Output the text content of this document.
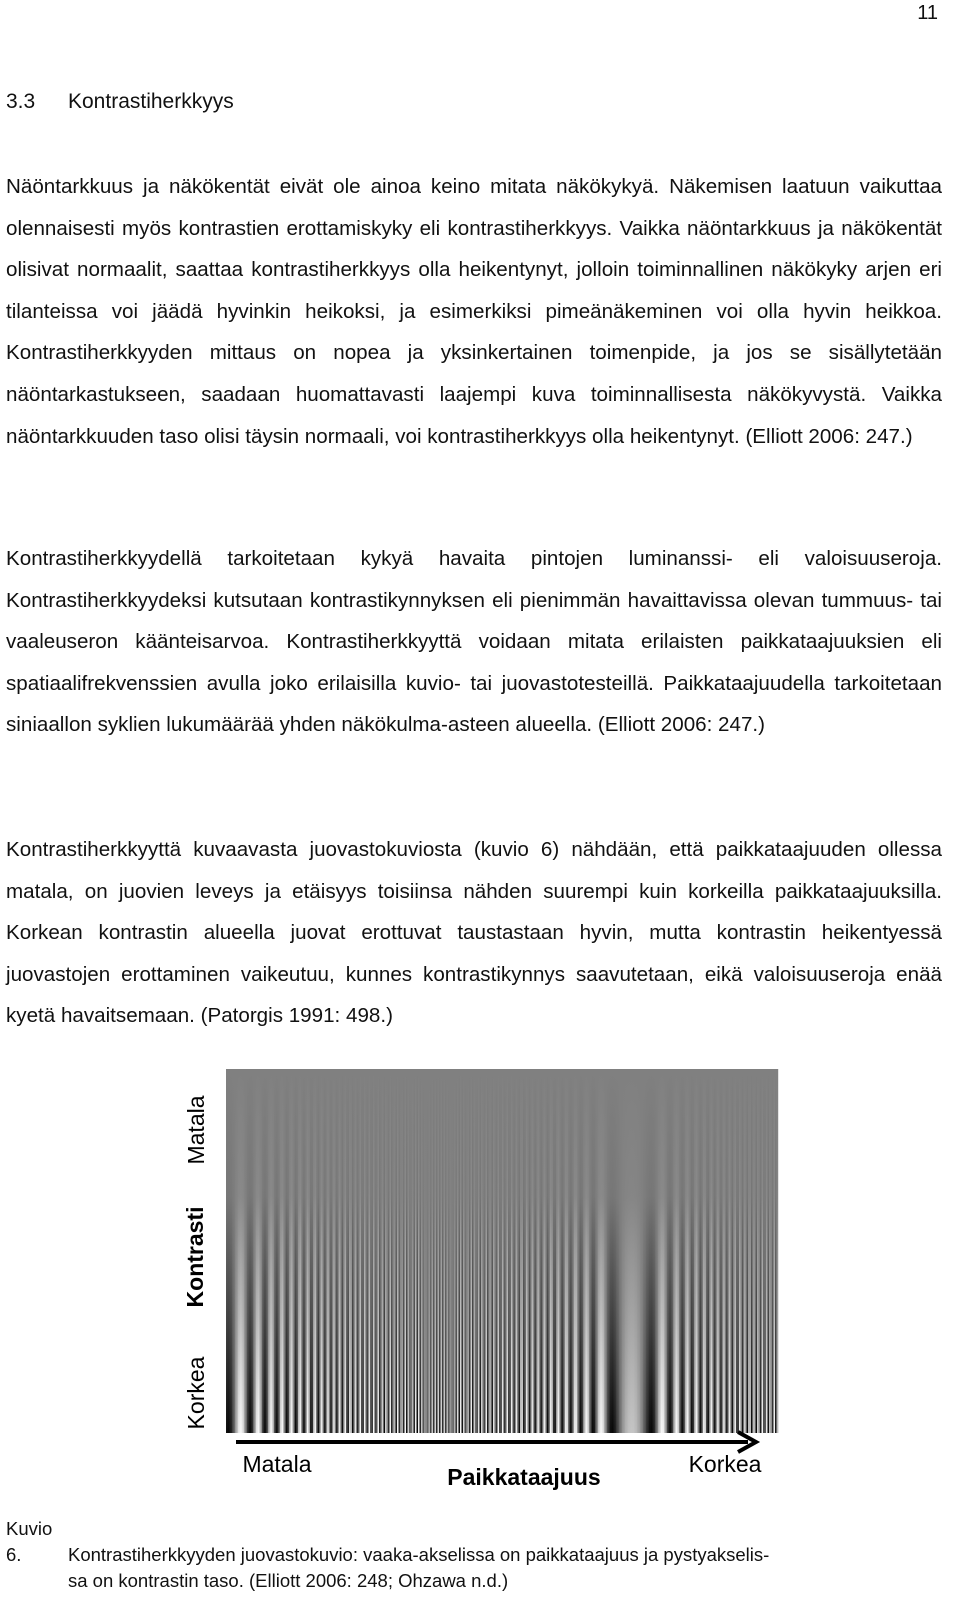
11
3.3 Kontrastiherkkyys

Näöntarkkuus ja näkökentät eivät ole ainoa keino mitata näkökykyä. Näkemisen laatuun vaikuttaa olennaisesti myös kontrastien erottamiskyky eli kontrastiherkkyys. Vaikka näöntarkkuus ja näkökentät olisivat normaalit, saattaa kontrastiherkkyys olla heikentynyt, jolloin toiminnallinen näkökyky arjen eri tilanteissa voi jäädä hyvinkin heikoksi, ja esimerkiksi pimeänäkeminen voi olla hyvin heikkoa. Kontrastiherkkyyden mittaus on nopea ja yksinkertainen toimenpide, ja jos se sisällytetään näöntarkastukseen, saadaan huomattavasti laajempi kuva toiminnallisesta näkökyvystä. Vaikka näöntarkkuuden taso olisi täysin normaali, voi kontrastiherkkyys olla heikentynyt. (Elliott 2006: 247.)

Kontrastiherkkyydellä tarkoitetaan kykyä havaita pintojen luminanssi- eli valoisuuseroja. Kontrastiherkkyydeksi kutsutaan kontrastikynnyksen eli pienimmän havaittavissa olevan tummuus- tai vaaleuseron käänteisarvoa. Kontrastiherkkyyttä voidaan mitata erilaisten paikkataajuuksien eli spatiaalifrekvenssien avulla joko erilaisilla kuvio- tai juovastotesteillä. Paikkataajuudella tarkoitetaan siniaallon syklien lukumäärää yhden näkökulma-asteen alueella. (Elliott 2006: 247.)

Kontrastiherkkyyttä kuvaavasta juovastokuviosta (kuvio 6) nähdään, että paikkataajuuden ollessa matala, on juovien leveys ja etäisyys toisiinsa nähden suurempi kuin korkeilla paikkataajuuksilla. Korkean kontrastin alueella juovat erottuvat taustastaan hyvin, mutta kontrastin heikentyessä juovastojen erottaminen vaikeutuu, kunnes kontrastikynnys saavutetaan, eikä valoisuuseroja enää kyetä havaitsemaan. (Patorgis 1991: 498.)

Matala
Kontrasti
Korkea
Matala	Paikkataajuus	Korkea

Kuvio 6.	Kontrastiherkkyyden juovastokuvio: vaaka-akselissa on paikkataajuus ja pystyakselis-
sa on kontrastin taso. (Elliott 2006: 248; Ohzawa n.d.)
